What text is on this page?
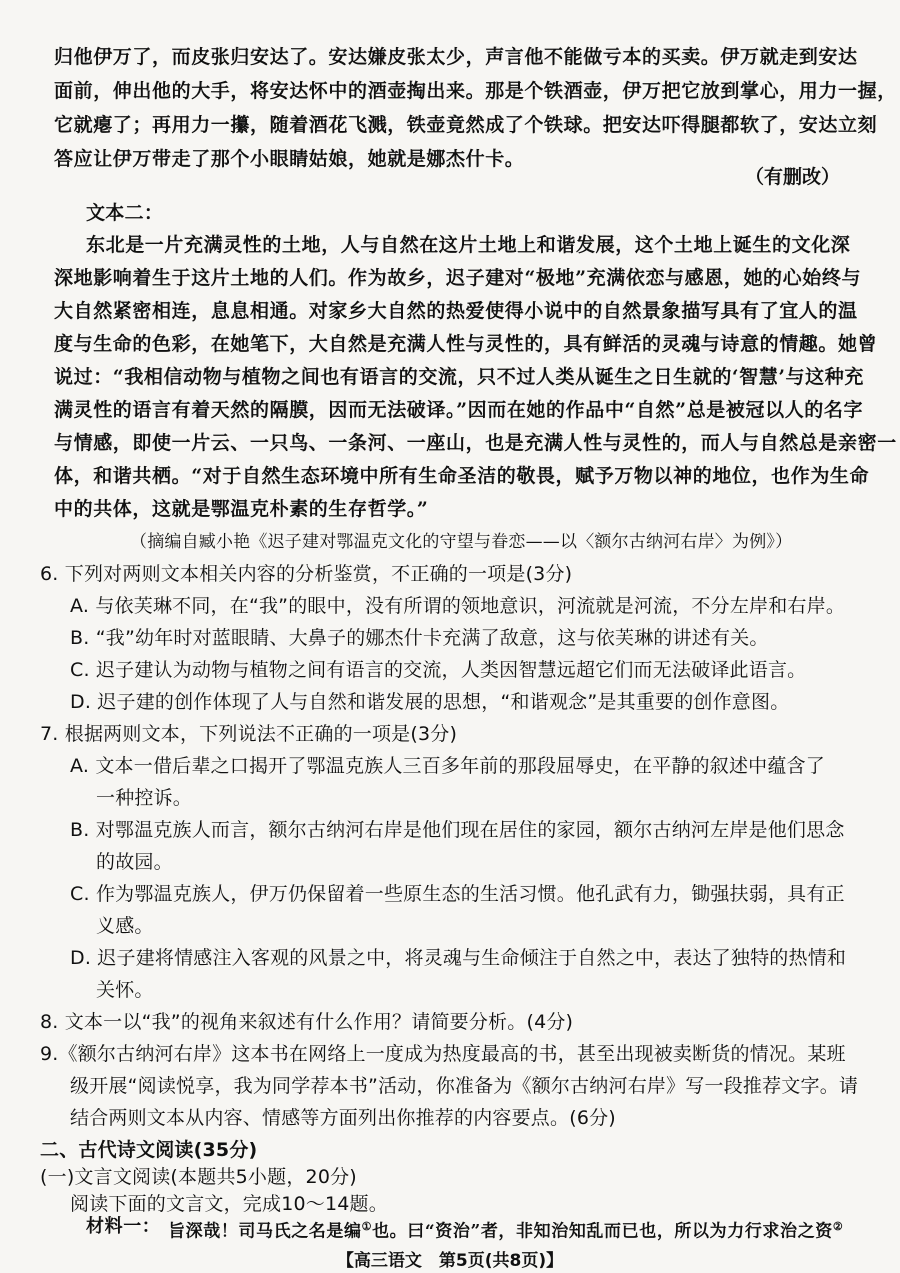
归他伊万了，而皮张归安达了。安达嫌皮张太少，声言他不能做亏本的买卖。伊万就走到安达
面前，伸出他的大手，将安达怀中的酒壶掏出来。那是个铁酒壶，伊万把它放到掌心，用力一握，
它就瘪了；再用力一攥，随着酒花飞溅，铁壶竟然成了个铁球。把安达吓得腿都软了，安达立刻
答应让伊万带走了那个小眼睛姑娘，她就是娜杰什卡。
（有删改）
文本二：
东北是一片充满灵性的土地，人与自然在这片土地上和谐发展，这个土地上诞生的文化深
深地影响着生于这片土地的人们。作为故乡，迟子建对“极地”充满依恋与感恩，她的心始终与
大自然紧密相连，息息相通。对家乡大自然的热爱使得小说中的自然景象描写具有了宜人的温
度与生命的色彩，在她笔下，大自然是充满人性与灵性的，具有鲜活的灵魂与诗意的情趣。她曾
说过：“我相信动物与植物之间也有语言的交流，只不过人类从诞生之日生就的‘智慧’与这种充
满灵性的语言有着天然的隔膜，因而无法破译。”因而在她的作品中“自然”总是被冠以人的名字
与情感，即使一片云、一只鸟、一条河、一座山，也是充满人性与灵性的，而人与自然总是亲密一
体，和谐共栖。“对于自然生态环境中所有生命圣洁的敬畏，赋予万物以神的地位，也作为生命
中的共体，这就是鄂温克朴素的生存哲学。”
（摘编自臧小艳《迟子建对鄂温克文化的守望与眷恋——以〈额尔古纳河右岸〉为例》）
6. 下列对两则文本相关内容的分析鉴赏，不正确的一项是(3分)
A. 与依芙琳不同，在“我”的眼中，没有所谓的领地意识，河流就是河流，不分左岸和右岸。
B. “我”幼年时对蓝眼睛、大鼻子的娜杰什卡充满了敌意，这与依芙琳的讲述有关。
C. 迟子建认为动物与植物之间有语言的交流，人类因智慧远超它们而无法破译此语言。
D. 迟子建的创作体现了人与自然和谐发展的思想，“和谐观念”是其重要的创作意图。
7. 根据两则文本，下列说法不正确的一项是(3分)
A. 文本一借后辈之口揭开了鄂温克族人三百多年前的那段屈辱史，在平静的叙述中蕴含了
一种控诉。
B. 对鄂温克族人而言，额尔古纳河右岸是他们现在居住的家园，额尔古纳河左岸是他们思念
的故园。
C. 作为鄂温克族人，伊万仍保留着一些原生态的生活习惯。他孔武有力，锄强扶弱，具有正
义感。
D. 迟子建将情感注入客观的风景之中，将灵魂与生命倾注于自然之中，表达了独特的热情和
关怀。
8. 文本一以“我”的视角来叙述有什么作用？请简要分析。(4分)
9.《额尔古纳河右岸》这本书在网络上一度成为热度最高的书，甚至出现被卖断货的情况。某班
级开展“阅读悦享，我为同学荐本书”活动，你准备为《额尔古纳河右岸》写一段推荐文字。请
结合两则文本从内容、情感等方面列出你推荐的内容要点。(6分)
二、古代诗文阅读(35分)
(一)文言文阅读(本题共5小题，20分)
阅读下面的文言文，完成10～14题。
材料一： 旨深哉！司马氏之名是编①也。曰“资治”者，非知治知乱而已也，所以为力行求治之资②
【高三语文　第5页(共8页)】
